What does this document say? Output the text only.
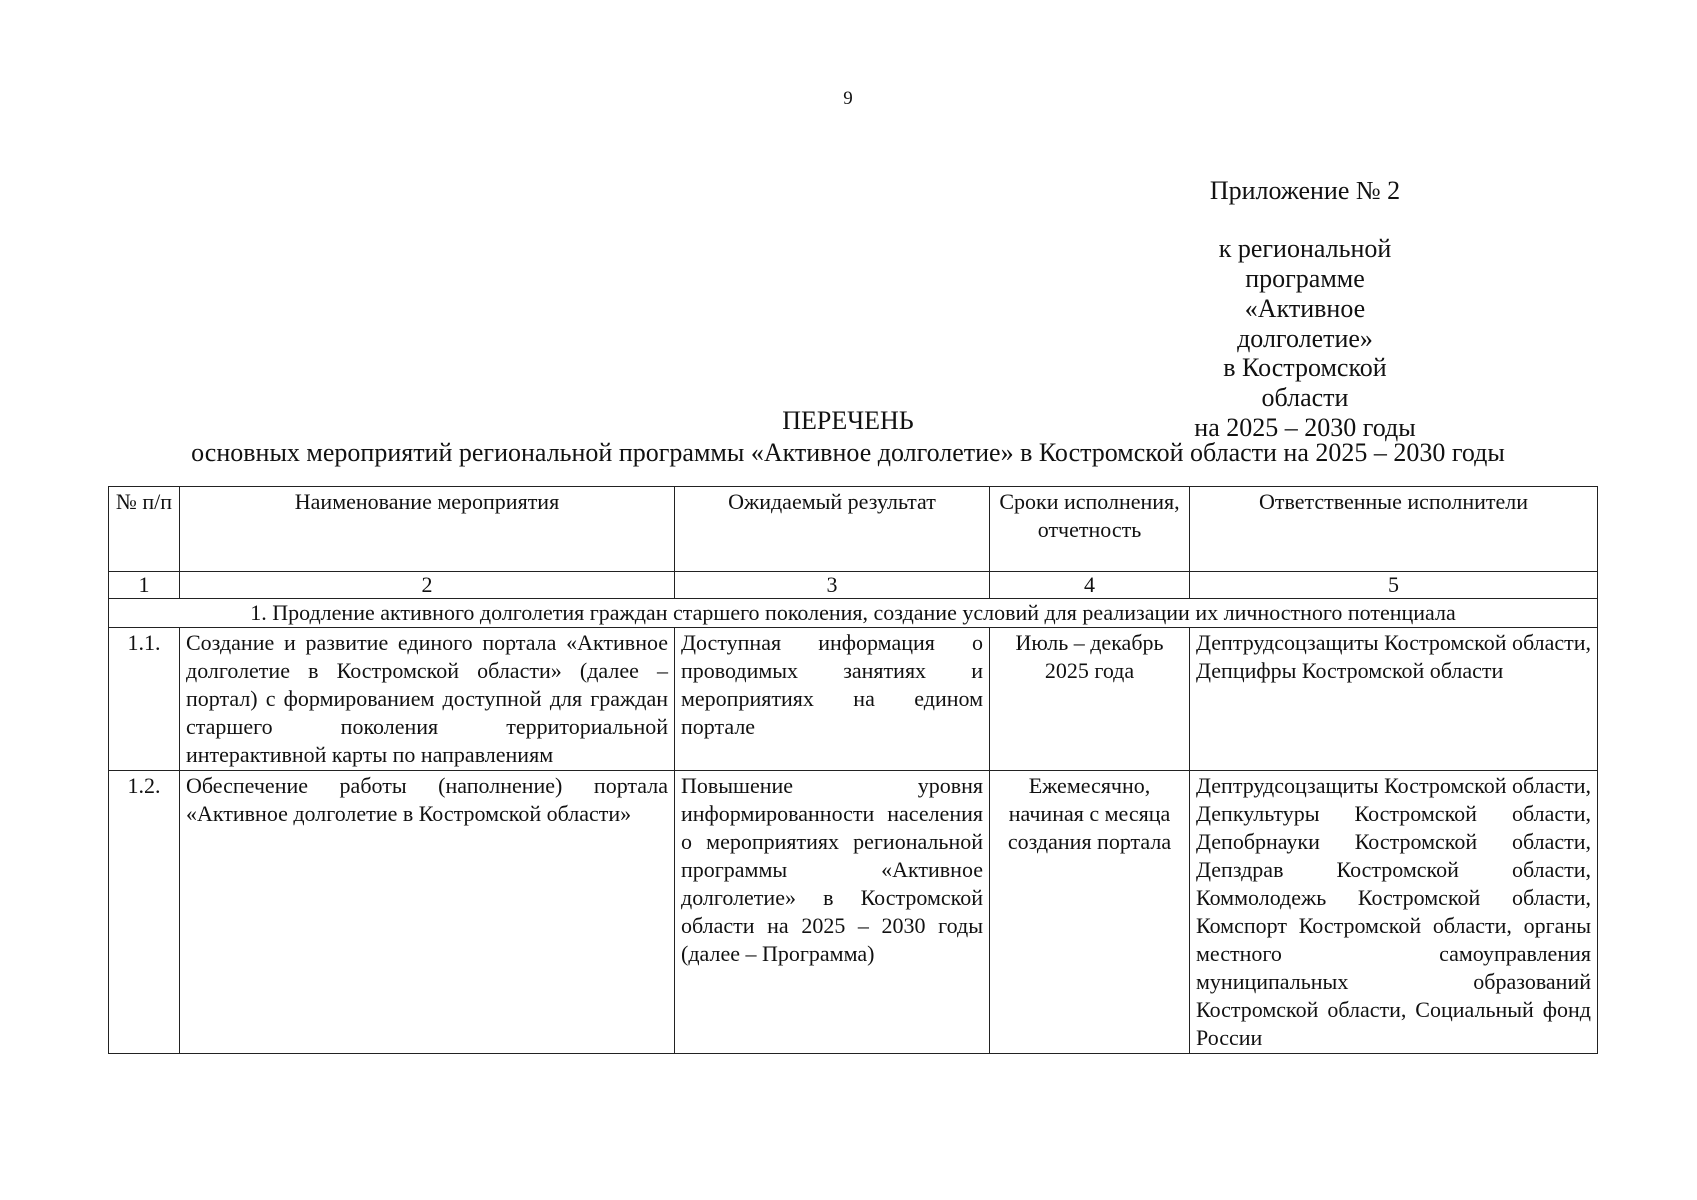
9
Приложение № 2
к региональной программе
«Активное долголетие»
в Костромской области
на 2025 – 2030 годы
ПЕРЕЧЕНЬ
основных мероприятий региональной программы «Активное долголетие» в Костромской области на 2025 – 2030 годы
№ п/п	Наименование мероприятия	Ожидаемый результат	Сроки исполнения, отчетность	Ответственные исполнители
1	2	3	4	5
1. Продление активного долголетия граждан старшего поколения, создание условий для реализации их личностного потенциала				
1.1.	Создание и развитие единого портала «Активное долголетие в Костромской области» (далее – портал) с формированием доступной для граждан старшего поколения территориальной интерактивной карты по направлениям	Доступная информация о проводимых занятиях и мероприятиях на едином портале	Июль – декабрь 2025 года	Дептрудсоцзащиты Костромской области, Депцифры Костромской области
1.2.	Обеспечение работы (наполнение) портала «Активное долголетие в Костромской области»	Повышение уровня информированности населения о мероприятиях региональной программы «Активное долголетие» в Костромской области на 2025 – 2030 годы (далее – Программа)	Ежемесячно, начиная с месяца создания портала	Дептрудсоцзащиты Костромской области, Депкультуры Костромской области, Депобрнауки Костромской области, Депздрав Костромской области, Коммолодежь Костромской области, Комспорт Костромской области, органы местного самоуправления муниципальных образований Костромской области, Социальный фонд России
